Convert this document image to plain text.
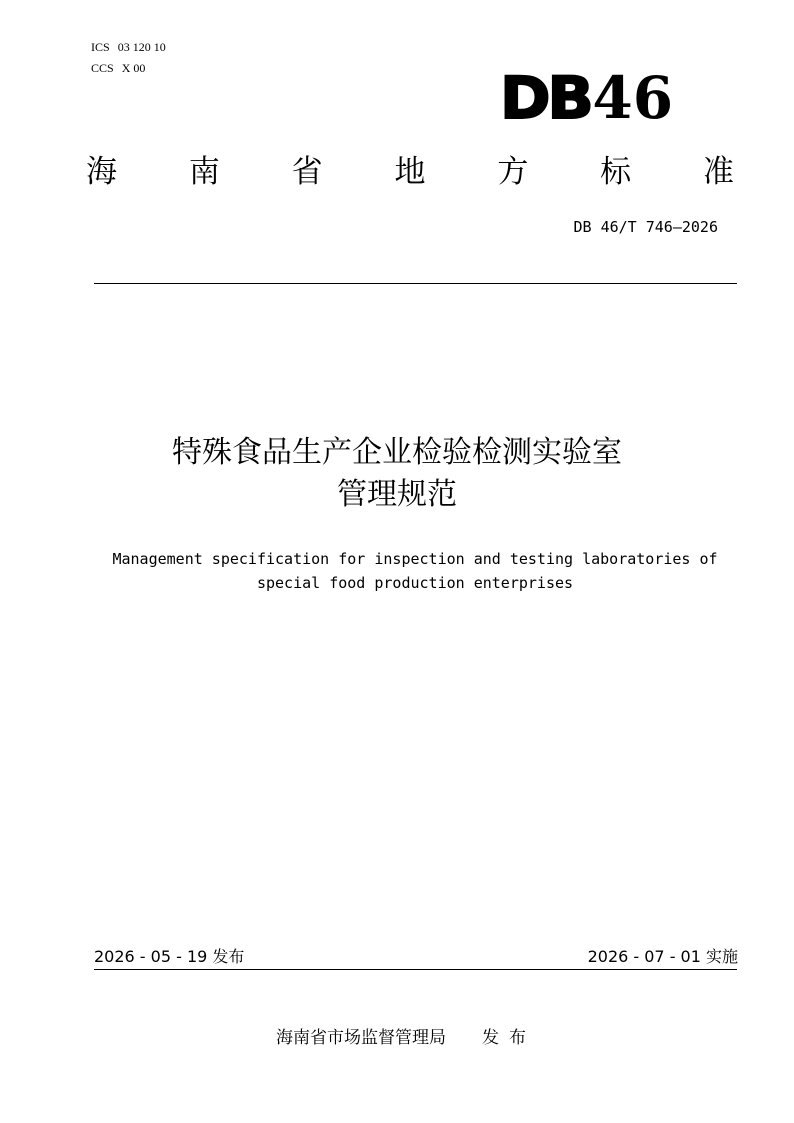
ICS 03 120 10
CCS X 00	DB46
海 南 省 地 方 标 准
DB 46/T 746—2026
特殊食品生产企业检验检测实验室
管理规范
Management specification for inspection and testing laboratories of
special food production enterprises
2026 - 05 - 19 发布	2026 - 07 - 01 实施
海南省市场监督管理局 发布
